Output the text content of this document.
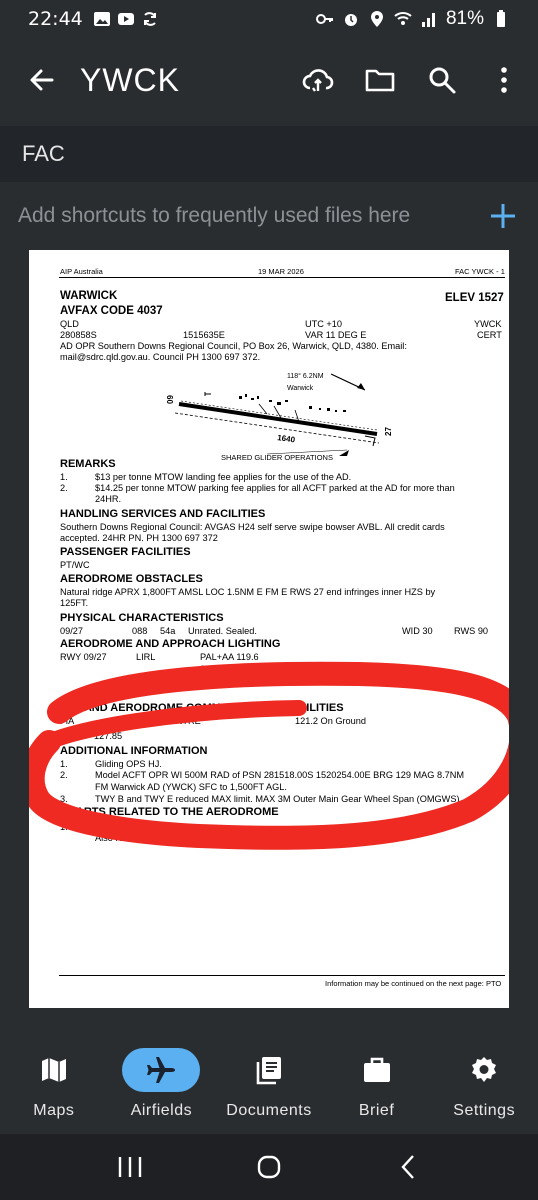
22:44	81%
YWCK
FAC
Add shortcuts to frequently used files here
AIP Australia	19 MAR 2026	FAC YWCK - 1
WARWICK	ELEV 1527
AVFAX CODE 4037
QLD	UTC +10	YWCK
280858S	1515635E	VAR 11 DEG E	CERT
AD OPR Southern Downs Regional Council, PO Box 26, Warwick, QLD, 4380. Email:
mail@sdrc.qld.gov.au. Council PH 1300 697 372.
118° 6.2NM
Warwick
09
27
1640
SHARED GLIDER OPERATIONS
REMARKS
1.	$13 per tonne MTOW landing fee applies for the use of the AD.
2.	$14.25 per tonne MTOW parking fee applies for all ACFT parked at the AD for more than
24HR.
HANDLING SERVICES AND FACILITIES
Southern Downs Regional Council: AVGAS H24 self serve swipe bowser AVBL. All credit cards
accepted. 24HR PN. PH 1300 697 372
PASSENGER FACILITIES
PT/WC
AERODROME OBSTACLES
Natural ridge APRX 1,800FT AMSL LOC 1.5NM E FM E RWS 27 end infringes inner HZS by
125FT.
PHYSICAL CHARACTERISTICS
09/27	088 54a Unrated. Sealed.	WID 30 RWS 90
AERODROME AND APPROACH LIGHTING
RWY 09/27	LIRL	PAL+AA 119.6
09/27: 90M.
ATS AND AERODROME COMMUNICATION FACILITIES
FIA	BRISBANE CENTRE	121.2 On Ground
CTAF 127.85
ADDITIONAL INFORMATION
1.	Gliding OPS HJ.
2.	Model ACFT OPR WI 500M RAD of PSN 281518.00S 1520254.00E BRG 129 MAG 8.7NM
FM Warwick AD (YWCK) SFC to 1,500FT AGL.
3.	TWY B and TWY E reduced MAX limit. MAX 3M Outer Main Gear Wheel Span (OMGWS).
CHARTS RELATED TO THE AERODROME
1.	WAC 3357.
Also refer to AIP Departure and Approach Procedures.
Information may be continued on the next page: PTO
Maps	Airfields Documents	Brief	Settings
